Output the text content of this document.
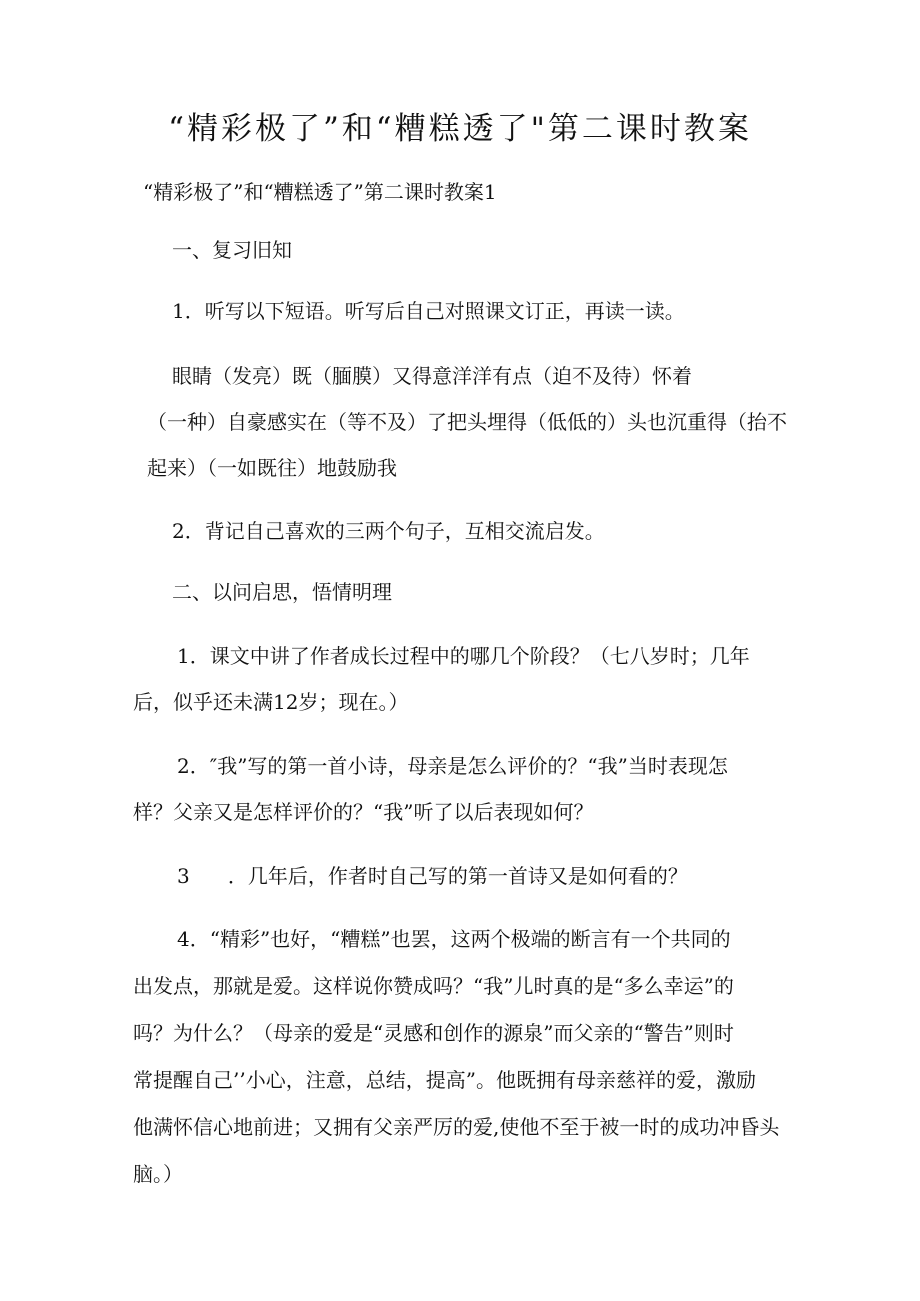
“精彩极了”和“糟糕透了"第二课时教案
“精彩极了”和“糟糕透了”第二课时教案1
一、复习旧知
1．听写以下短语。听写后自己对照课文订正，再读一读。
眼睛（发亮）既（腼膜）又得意洋洋有点（迫不及待）怀着
（一种）自豪感实在（等不及）了把头埋得（低低的）头也沉重得（抬不
起来）（一如既往）地鼓励我
2．背记自己喜欢的三两个句子，互相交流启发。
二、以问启思，悟情明理
1．课文中讲了作者成长过程中的哪几个阶段？（七八岁时；几年
后，似乎还未满12岁；现在。）
2．″我”写的第一首小诗，母亲是怎么评价的？“我”当时表现怎
样？父亲又是怎样评价的？“我”听了以后表现如何？
3      ．几年后，作者时自己写的第一首诗又是如何看的？
4．“精彩”也好，“糟糕”也罢，这两个极端的断言有一个共同的
出发点，那就是爱。这样说你赞成吗？“我”儿时真的是“多么幸运”的
吗？为什么？（母亲的爱是“灵感和创作的源泉”而父亲的“警告”则时
常提醒自己’’小心，注意，总结，提高”。他既拥有母亲慈祥的爱，激励
他满怀信心地前进；又拥有父亲严厉的爱,使他不至于被一时的成功冲昏头
脑。）
